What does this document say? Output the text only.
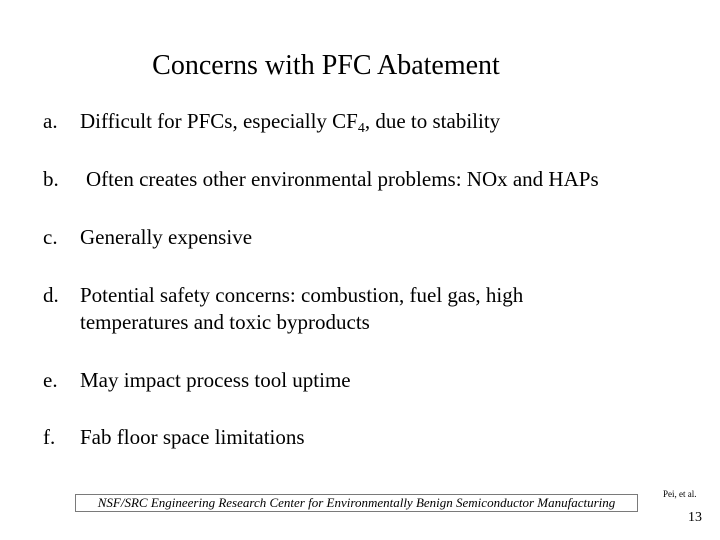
Concerns with PFC Abatement
a. Difficult for PFCs, especially $CF_4$, due to stability
b. Often creates other environmental problems: NOx and HAPs
c. Generally expensive
d. Potential safety concerns: combustion, fuel gas, high
temperatures and toxic byproducts
e. May impact process tool uptime
f. Fab floor space limitations
NSF/SRC Engineering Research Center for Environmentally Benign Semiconductor Manufacturing
Pei, et al.
13
